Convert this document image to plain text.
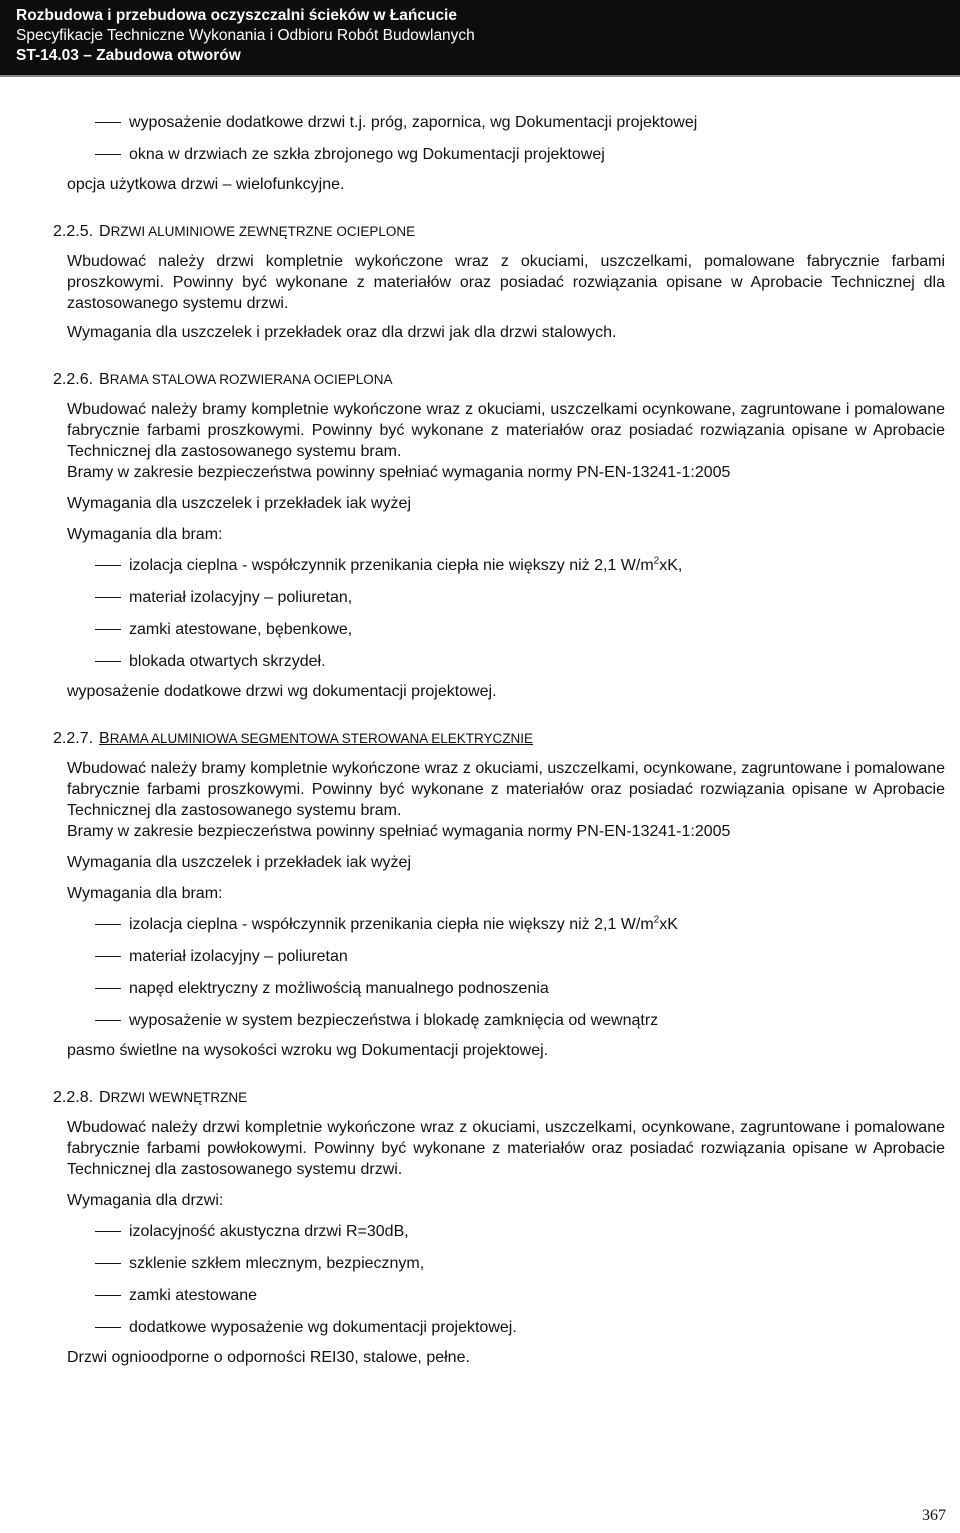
Rozbudowa i przebudowa oczyszczalni ścieków w Łańcucie
Specyfikacje Techniczne Wykonania i Odbioru Robót Budowlanych
ST-14.03 – Zabudowa otworów
wyposażenie dodatkowe drzwi t.j. próg, zapornica, wg Dokumentacji projektowej
okna w drzwiach ze szkła zbrojonego wg Dokumentacji projektowej

opcja użytkowa drzwi – wielofunkcyjne.

2.2.5. DRZWI ALUMINIOWE ZEWNĘTRZNE OCIEPLONE

Wbudować należy drzwi kompletnie wykończone wraz z okuciami, uszczelkami, pomalowane fabrycznie farbami proszkowymi. Powinny być wykonane z materiałów oraz posiadać rozwiązania opisane w Aprobacie Technicznej dla zastosowanego systemu drzwi.

Wymagania dla uszczelek i przekładek oraz dla drzwi jak dla drzwi stalowych.

2.2.6. BRAMA STALOWA ROZWIERANA OCIEPLONA

Wbudować należy bramy kompletnie wykończone wraz z okuciami, uszczelkami ocynkowane, zagruntowane i pomalowane fabrycznie farbami proszkowymi. Powinny być wykonane z materiałów oraz posiadać rozwiązania opisane w Aprobacie Technicznej dla zastosowanego systemu bram.

Bramy w zakresie bezpieczeństwa powinny spełniać wymagania normy PN-EN-13241-1:2005

Wymagania dla uszczelek i przekładek iak wyżej

Wymagania dla bram:

izolacja cieplna - współczynnik przenikania ciepła nie większy niż 2,1 $W/m^2xK$,
materiał izolacyjny – poliuretan,
zamki atestowane, bębenkowe,
blokada otwartych skrzydeł.

wyposażenie dodatkowe drzwi wg dokumentacji projektowej.

2.2.7. BRAMA ALUMINIOWA SEGMENTOWA STEROWANA ELEKTRYCZNIE

Wbudować należy bramy kompletnie wykończone wraz z okuciami, uszczelkami, ocynkowane, zagruntowane i pomalowane fabrycznie farbami proszkowymi. Powinny być wykonane z materiałów oraz posiadać rozwiązania opisane w Aprobacie Technicznej dla zastosowanego systemu bram.

Bramy w zakresie bezpieczeństwa powinny spełniać wymagania normy PN-EN-13241-1:2005

Wymagania dla uszczelek i przekładek iak wyżej

Wymagania dla bram:

izolacja cieplna - współczynnik przenikania ciepła nie większy niż 2,1 $W/m^2xK$
materiał izolacyjny – poliuretan
napęd elektryczny z możliwością manualnego podnoszenia
wyposażenie w system bezpieczeństwa i blokadę zamknięcia od wewnątrz

pasmo świetlne na wysokości wzroku wg Dokumentacji projektowej.

2.2.8. DRZWI WEWNĘTRZNE

Wbudować należy drzwi kompletnie wykończone wraz z okuciami, uszczelkami, ocynkowane, zagruntowane i pomalowane fabrycznie farbami powłokowymi. Powinny być wykonane z materiałów oraz posiadać rozwiązania opisane w Aprobacie Technicznej dla zastosowanego systemu drzwi.

Wymagania dla drzwi:

izolacyjność akustyczna drzwi R=30dB,
szklenie szkłem mlecznym, bezpiecznym,
zamki atestowane
dodatkowe wyposażenie wg dokumentacji projektowej.

Drzwi ognioodporne o odporności REI30, stalowe, pełne.

367
